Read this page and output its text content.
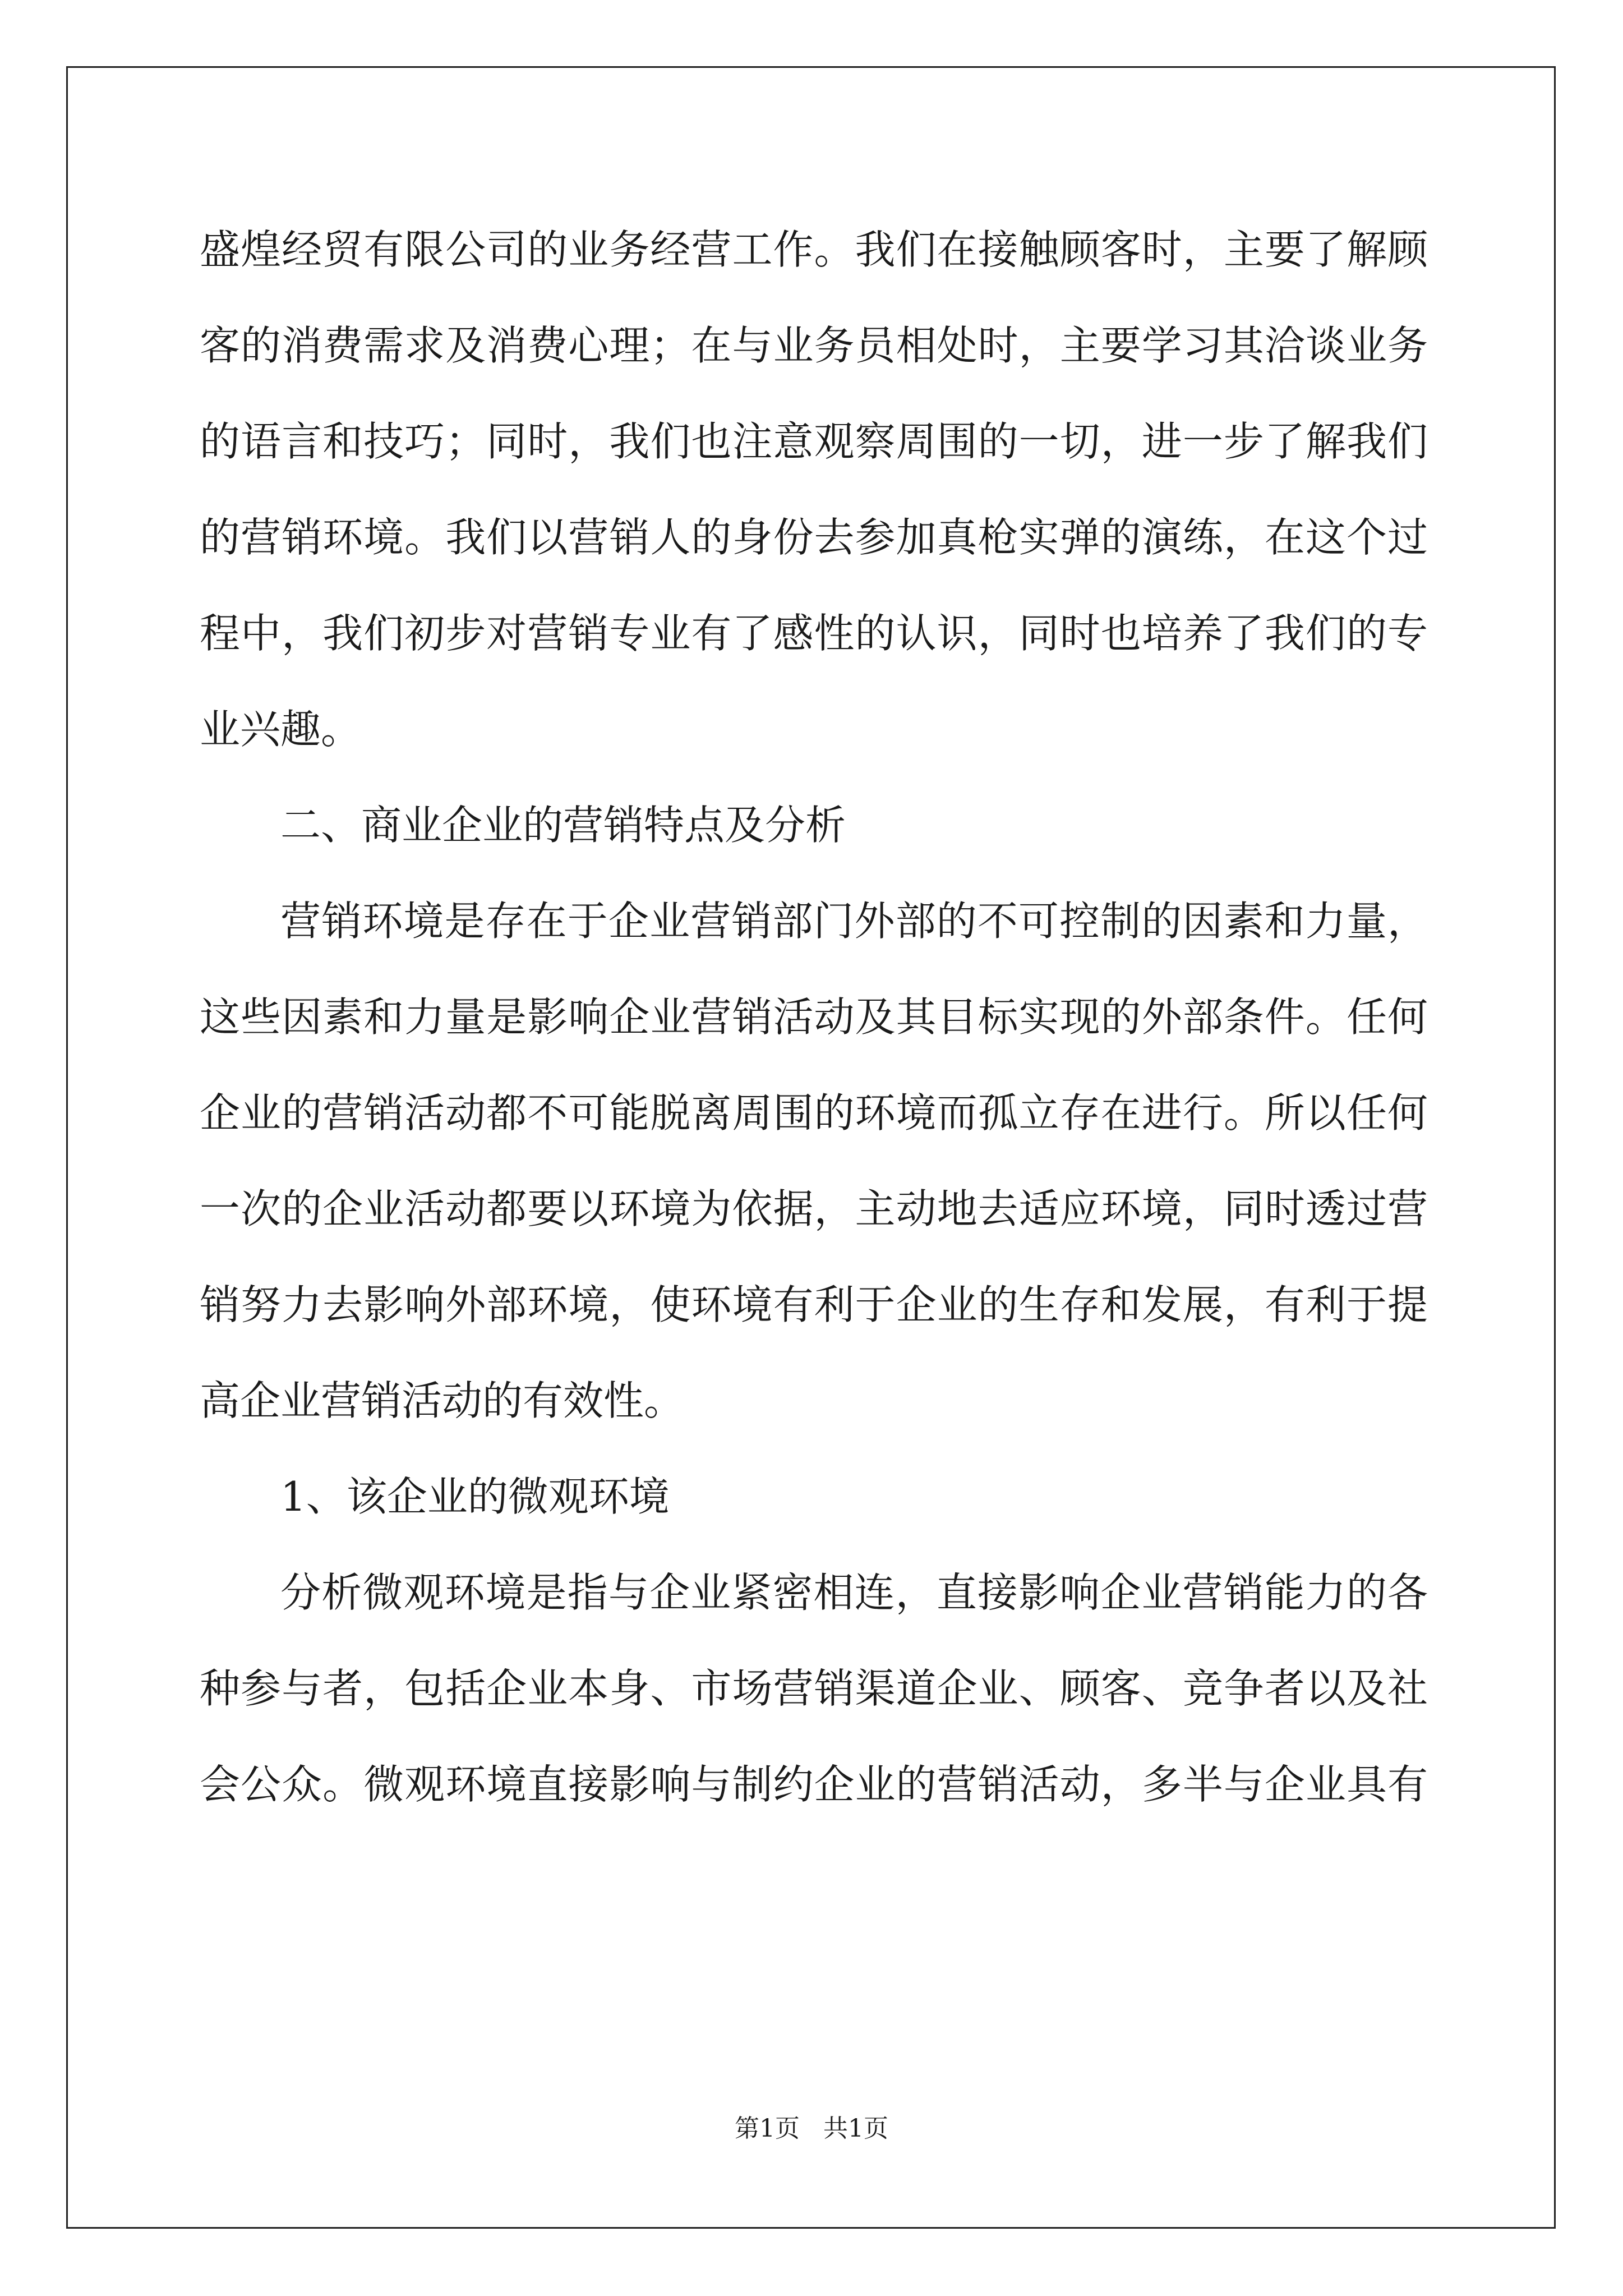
盛煌经贸有限公司的业务经营工作。我们在接触顾客时，主要了解顾
客的消费需求及消费心理；在与业务员相处时，主要学习其洽谈业务
的语言和技巧；同时，我们也注意观察周围的一切，进一步了解我们
的营销环境。我们以营销人的身份去参加真枪实弹的演练，在这个过
程中，我们初步对营销专业有了感性的认识，同时也培养了我们的专
业兴趣。
二、商业企业的营销特点及分析
营销环境是存在于企业营销部门外部的不可控制的因素和力量，
这些因素和力量是影响企业营销活动及其目标实现的外部条件。任何
企业的营销活动都不可能脱离周围的环境而孤立存在进行。所以任何
一次的企业活动都要以环境为依据，主动地去适应环境，同时透过营
销努力去影响外部环境，使环境有利于企业的生存和发展，有利于提
高企业营销活动的有效性。
1、该企业的微观环境
分析微观环境是指与企业紧密相连，直接影响企业营销能力的各
种参与者，包括企业本身、市场营销渠道企业、顾客、竞争者以及社
会公众。微观环境直接影响与制约企业的营销活动，多半与企业具有
第1页   共1页
